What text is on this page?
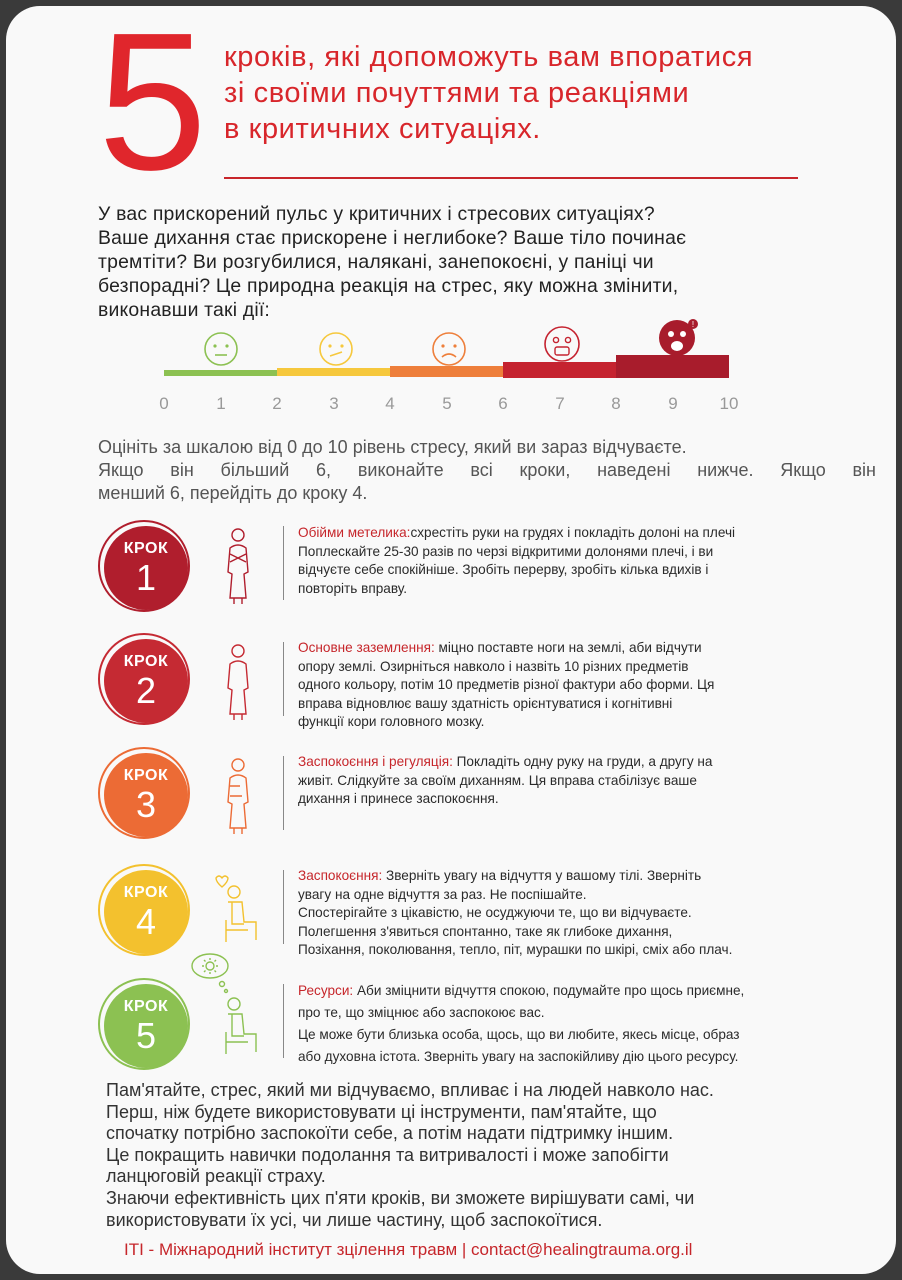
5 кроків, які допоможуть вам впоратися
зі своїми почуттями та реакціями
в критичних ситуаціях.
У вас прискорений пульс у критичних і стресових ситуаціях?
Ваше дихання стає прискорене і неглибоке? Ваше тіло починає
тремтіти? Ви розгубилися, налякані, занепокоєні, у паніці чи
безпорадні? Це природна реакція на стрес, яку можна змінити,
виконавши такі дії:
0	1	2	3	4	5	6	7	8	9	10
!
Оцініть за шкалою від 0 до 10 рівень стресу, який ви зараз відчуваєте.
Якщо він більший 6, виконайте всі кроки, наведені нижче. Якщо він
менший 6, перейдіть до кроку 4.
КРОК
1
Обійми метелика:схрестіть руки на грудях і покладіть долоні на плечі
Поплескайте 25-30 разів по черзі відкритими долонями плечі, і ви
відчуєте себе спокійніше. Зробіть перерву, зробіть кілька вдихів і
повторіть вправу.
КРОК
2
Основне заземлення: міцно поставте ноги на землі, аби відчути
опору землі. Озирніться навколо і назвіть 10 різних предметів
одного кольору, потім 10 предметів різної фактури або форми. Ця
вправа відновлює вашу здатність орієнтуватися і когнітивні
функції кори головного мозку.
КРОК
3
Заспокоєння і регуляція: Покладіть одну руку на груди, а другу на
живіт. Слідкуйте за своїм диханням. Ця вправа стабілізує ваше
дихання і принесе заспокоєння.
КРОК
4
Заспокоєння: Зверніть увагу на відчуття у вашому тілі. Зверніть
увагу на одне відчуття за раз. Не поспішайте.
Спостерігайте з цікавістю, не осуджуючи те, що ви відчуваєте.
Полегшення з'явиться спонтанно, таке як глибоке дихання,
Позіхання, поколювання, тепло, піт, мурашки по шкірі, сміх або плач.
КРОК
5
Ресурси: Аби зміцнити відчуття спокою, подумайте про щось приємне,
про те, що зміцнює або заспокоює вас.
Це може бути близька особа, щось, що ви любите, якесь місце, образ
або духовна істота. Зверніть увагу на заспокійливу дію цього ресурсу.
Пам'ятайте, стрес, який ми відчуваємо, впливає і на людей навколо нас.
Перш, ніж будете використовувати ці інструменти, пам'ятайте, що
спочатку потрібно заспокоїти себе, а потім надати підтримку іншим.
Це покращить навички подолання та витривалості і може запобігти
ланцюговій реакції страху.
Знаючи ефективність цих п'яти кроків, ви зможете вирішувати самі, чи
використовувати їх усі, чи лише частину, щоб заспокоїтися.
ІТІ - Міжнародний інститут зцілення травм | contact@healingtrauma.org.il
